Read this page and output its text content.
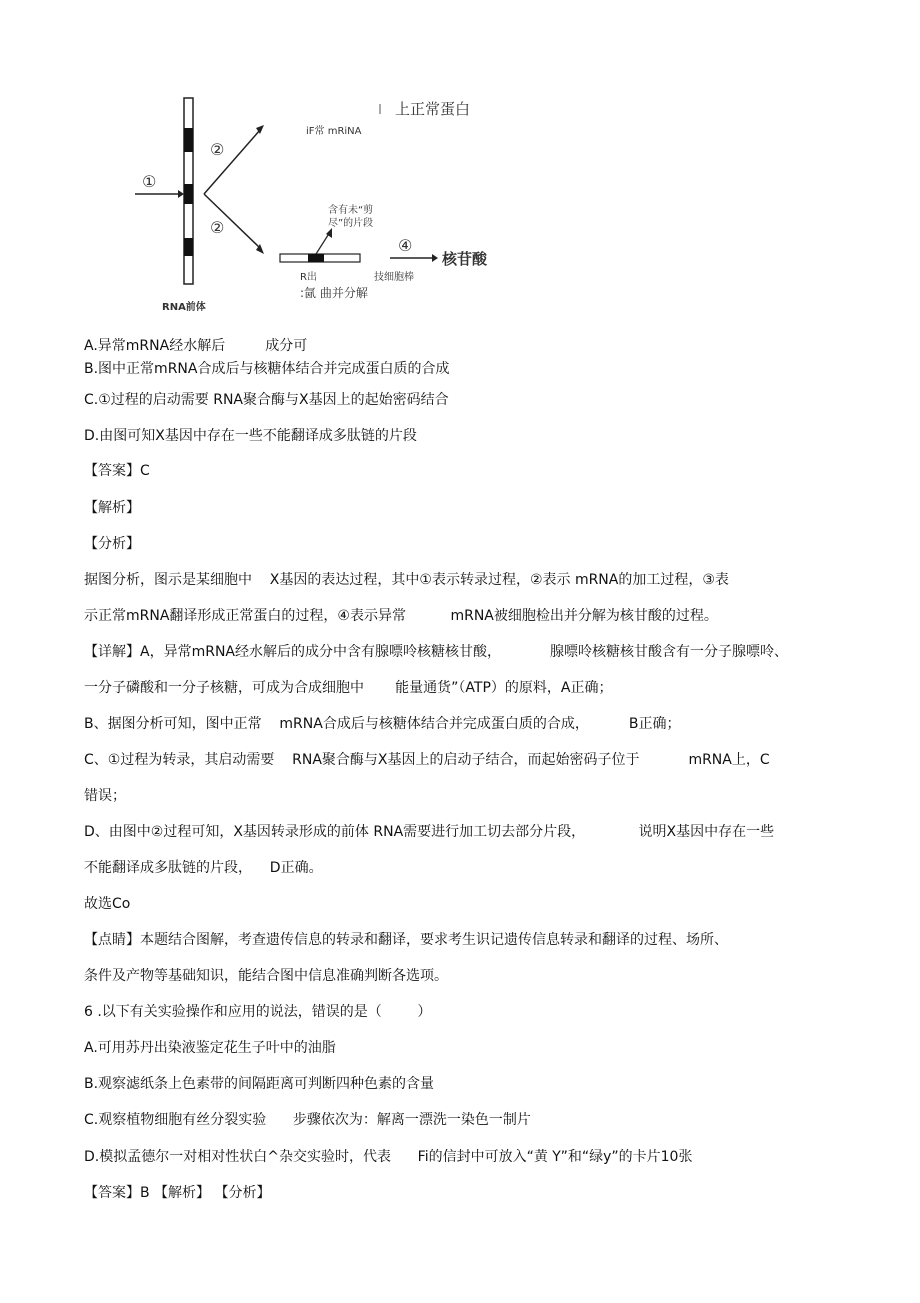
上正常蛋白
iF常 mRiNA
①
②
②
④
含有未“剪 尽”的片段
R出	技细胞棒
:氤 曲并分解
核苷酸
RNA前体
A.异常mRNA经水解后         成分可
B.图中正常mRNA合成后与核糖体结合并完成蛋白质的合成
C.①过程的启动需要 RNA聚合酶与X基因上的起始密码结合
D.由图可知X基因中存在一些不能翻译成多肽链的片段
【答案】C
【解析】
【分析】
据图分析，图示是某细胞中    X基因的表达过程，其中①表示转录过程，②表示 mRNA的加工过程，③表
示正常mRNA翻译形成正常蛋白的过程，④表示异常          mRNA被细胞检出并分解为核甘酸的过程。
【详解】A，异常mRNA经水解后的成分中含有腺嘌呤核糖核甘酸，           腺嘌呤核糖核甘酸含有一分子腺嘌呤、
一分子磷酸和一分子核糖，可成为合成细胞中       能量通货”（ATP）的原料，A正确；
B、据图分析可知，图中正常    mRNA合成后与核糖体结合并完成蛋白质的合成，         B正确；
C、①过程为转录，其启动需要    RNA聚合酶与X基因上的启动子结合，而起始密码子位于           mRNA上，C
错误；
D、由图中②过程可知，X基因转录形成的前体 RNA需要进行加工切去部分片段，            说明X基因中存在一些
不能翻译成多肽链的片段，    D正确。
故选Co
【点睛】本题结合图解，考查遗传信息的转录和翻译，要求考生识记遗传信息转录和翻译的过程、场所、
条件及产物等基础知识，能结合图中信息准确判断各选项。
6 .以下有关实验操作和应用的说法，错误的是（        ）
A.可用苏丹出染液鉴定花生子叶中的油脂
B.观察滤纸条上色素带的间隔距离可判断四种色素的含量
C.观察植物细胞有丝分裂实验      步骤依次为：解离一漂洗一染色一制片
D.模拟孟德尔一对相对性状白^杂交实验时，代表      Fi的信封中可放入“黄 Y”和“绿y”的卡片10张
【答案】B 【解析】 【分析】
